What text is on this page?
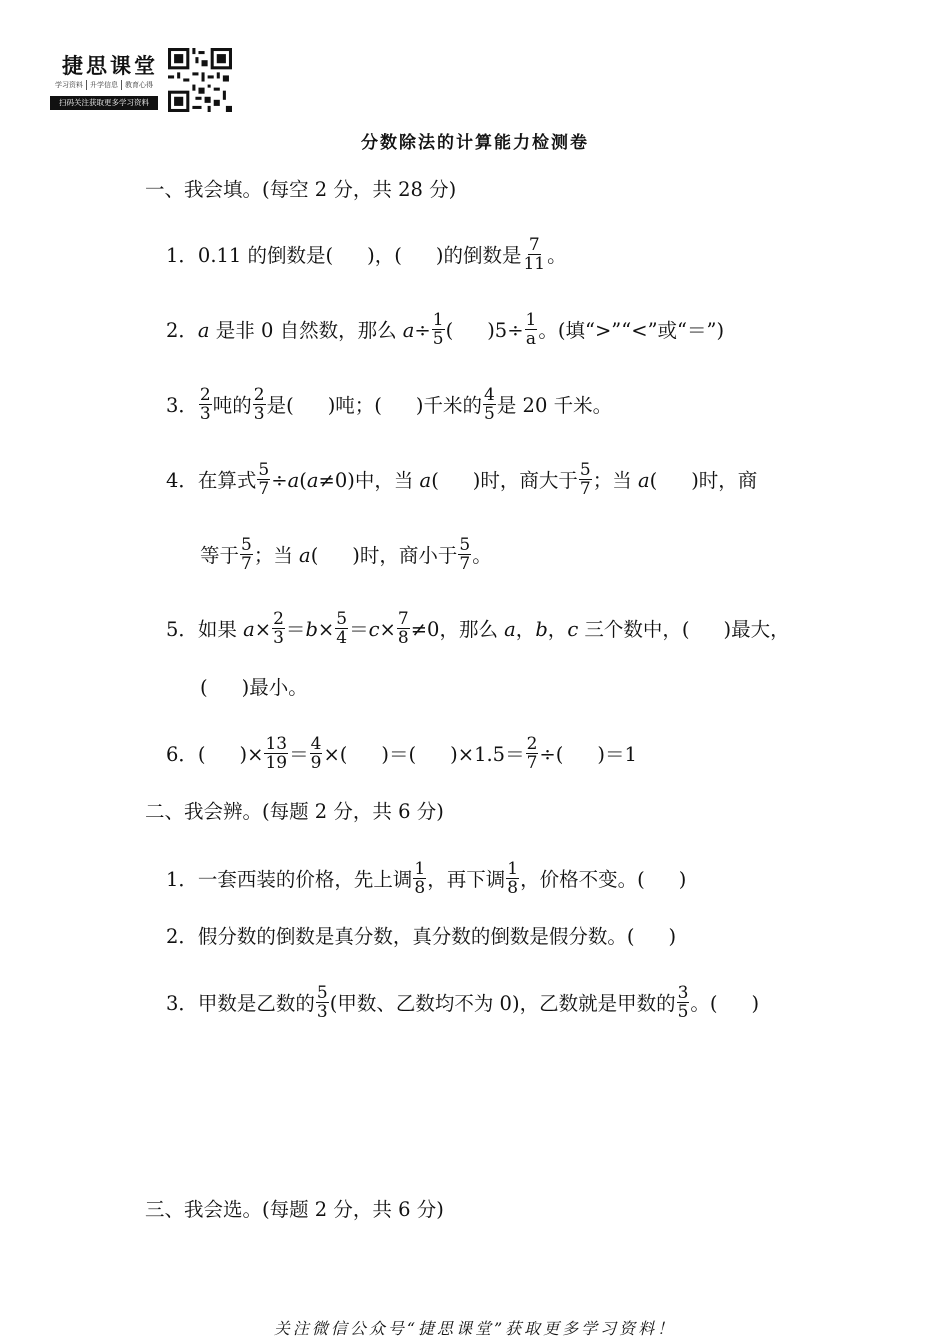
捷思课堂
学习资料 升学信息 教育心得
扫码关注获取更多学习资料
分数除法的计算能力检测卷
一、我会填。(每空 2 分，共 28 分)
1．0.11 的倒数是( )，( )的倒数是 $\frac{7}{11}$ 。
2．a 是非 0 自然数，那么 $a\div \frac{1}{5}$ ( )$5\div \frac{1}{a}$ 。(填“>”“<”或“＝”)
3． $\frac{2}{3}$ 吨的 $\frac{2}{3}$ 是( )吨；( )千米的 $\frac{4}{5}$ 是 20 千米。
4．在算式 $\frac{5}{7} \div a(a\ne 0)$中，当 a( )时，商大于 $\frac{5}{7}$ ；当 a( )时，商
等于 $\frac{5}{7}$ ；当 a( )时，商小于 $\frac{5}{7}$ 。
5．如果 $a\times \frac{2}{3} =b\times \frac{5}{4} =c\times \frac{7}{8} \ne 0$，那么 a，b，c 三个数中，( )最大，
( )最小。
6．( )× $\frac{13}{19} = \frac{4}{9}$ ×( )＝( )$\times 1.5= \frac{2}{7}$ ÷( )＝1
二、我会辨。(每题 2 分，共 6 分)
1．一套西装的价格，先上调 $\frac{1}{8}$ ，再下调 $\frac{1}{8}$ ，价格不变。( )
2．假分数的倒数是真分数，真分数的倒数是假分数。( )
3．甲数是乙数的 $\frac{5}{3}$ (甲数、乙数均不为 0)，乙数就是甲数的 $\frac{3}{5}$ 。( )
三、我会选。(每题 2 分，共 6 分)
关注微信公众号“捷思课堂”获取更多学习资料！
